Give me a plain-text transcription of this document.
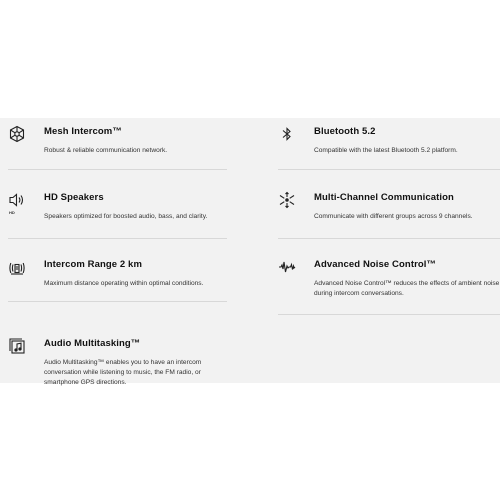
Mesh Intercom™
Robust & reliable communication network.
Bluetooth 5.2
Compatible with the latest Bluetooth 5.2 platform.
HD
HD Speakers
Speakers optimized for boosted audio, bass, and clarity.
Multi-Channel Communication
Communicate with different groups across 9 channels.
Intercom Range 2 km
Maximum distance operating within optimal conditions.
Advanced Noise Control™
Advanced Noise Control™ reduces the effects of ambient noise during intercom conversations.
Audio Multitasking™
Audio Multitasking™ enables you to have an intercom conversation while listening to music, the FM radio, or smartphone GPS directions.
